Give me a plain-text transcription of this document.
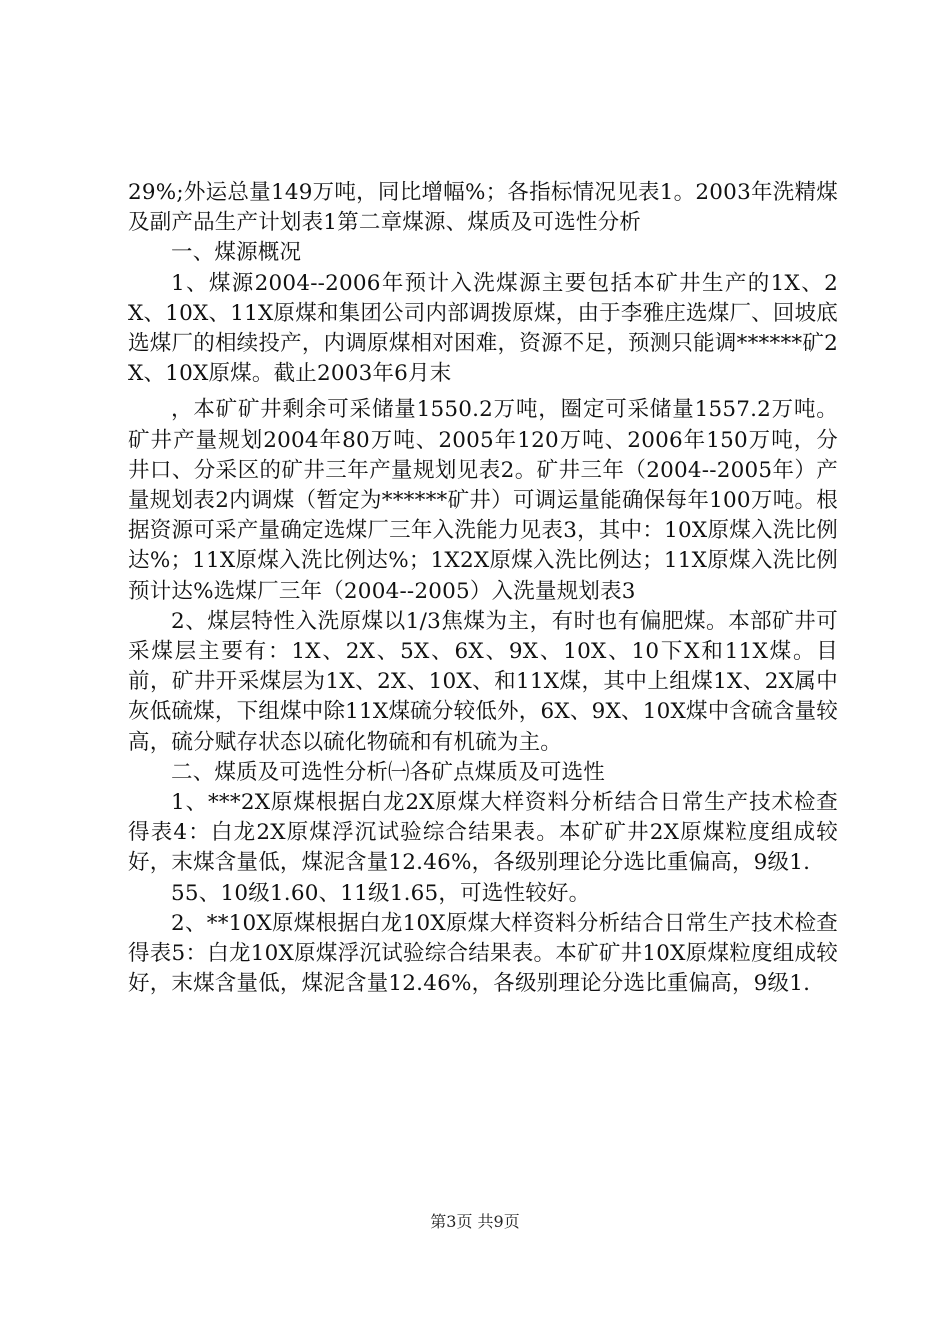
29%;外运总量149万吨，同比增幅%；各指标情况见表1。2003年洗精煤及副产品生产计划表1第二章煤源、煤质及可选性分析

一、煤源概况

1、煤源2004--2006年预计入洗煤源主要包括本矿井生产的1X、2X、10X、11X原煤和集团公司内部调拨原煤，由于李雅庄选煤厂、回坡底选煤厂的相续投产，内调原煤相对困难，资源不足，预测只能调******矿2X、10X原煤。截止2003年6月末

，本矿矿井剩余可采储量1550.2万吨，圈定可采储量1557.2万吨。矿井产量规划2004年80万吨、2005年120万吨、2006年150万吨，分井口、分采区的矿井三年产量规划见表2。矿井三年（2004--2005年）产量规划表2内调煤（暂定为******矿井）可调运量能确保每年100万吨。根据资源可采产量确定选煤厂三年入洗能力见表3，其中：10X原煤入洗比例达%；11X原煤入洗比例达%；1X2X原煤入洗比例达；11X原煤入洗比例预计达%选煤厂三年（2004--2005）入洗量规划表3

2、煤层特性入洗原煤以1/3焦煤为主，有时也有偏肥煤。本部矿井可采煤层主要有：1X、2X、5X、6X、9X、10X、10下X和11X煤。目前，矿井开采煤层为1X、2X、10X、和11X煤，其中上组煤1X、2X属中灰低硫煤，下组煤中除11X煤硫分较低外，6X、9X、10X煤中含硫含量较高，硫分赋存状态以硫化物硫和有机硫为主。

二、煤质及可选性分析㈠各矿点煤质及可选性

1、***2X原煤根据白龙2X原煤大样资料分析结合日常生产技术检查得表4：白龙2X原煤浮沉试验综合结果表。本矿矿井2X原煤粒度组成较好，末煤含量低，煤泥含量12.46%，各级别理论分选比重偏高，9级1.

55、10级1.60、11级1.65，可选性较好。

2、**10X原煤根据白龙10X原煤大样资料分析结合日常生产技术检查得表5：白龙10X原煤浮沉试验综合结果表。本矿矿井10X原煤粒度组成较好，末煤含量低，煤泥含量12.46%，各级别理论分选比重偏高，9级1.

第3页 共9页
